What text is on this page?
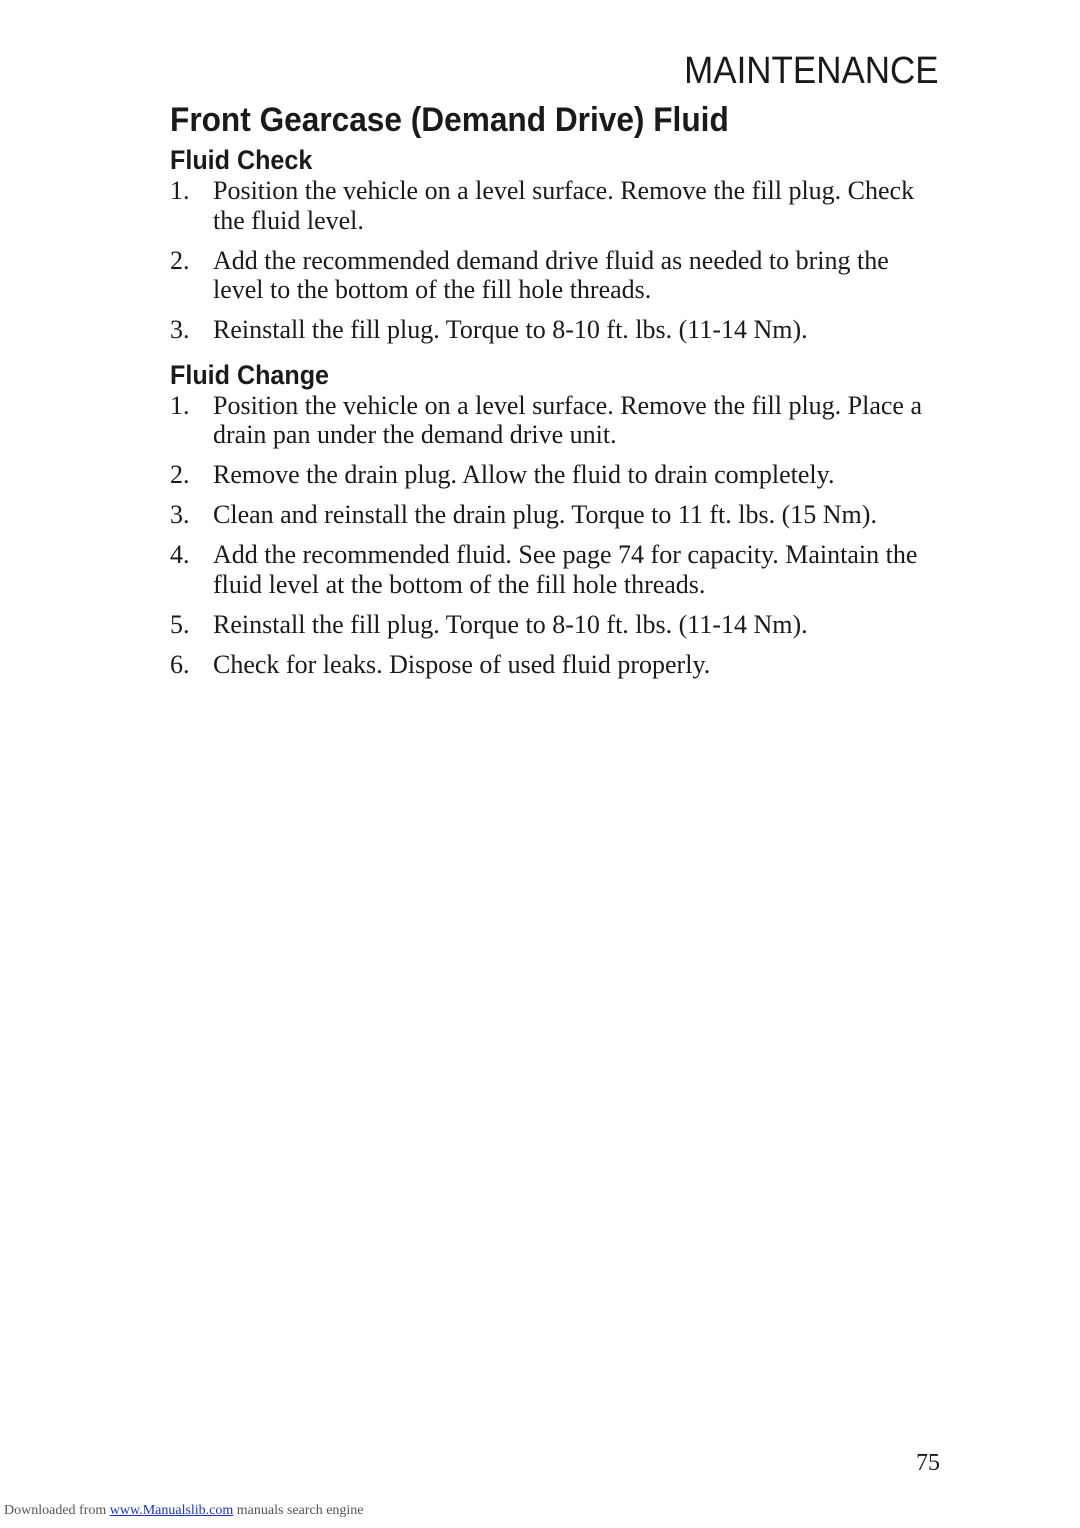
MAINTENANCE
Front Gearcase (Demand Drive) Fluid
Fluid Check
1. Position the vehicle on a level surface. Remove the fill plug. Check the fluid level.
2. Add the recommended demand drive fluid as needed to bring the level to the bottom of the fill hole threads.
3. Reinstall the fill plug. Torque to 8-10 ft. lbs. (11-14 Nm).
Fluid Change
1. Position the vehicle on a level surface. Remove the fill plug. Place a drain pan under the demand drive unit.
2. Remove the drain plug. Allow the fluid to drain completely.
3. Clean and reinstall the drain plug. Torque to 11 ft. lbs. (15 Nm).
4. Add the recommended fluid. See page 74 for capacity. Maintain the fluid level at the bottom of the fill hole threads.
5. Reinstall the fill plug. Torque to 8-10 ft. lbs. (11-14 Nm).
6. Check for leaks. Dispose of used fluid properly.
75
Downloaded from www.Manualslib.com manuals search engine
